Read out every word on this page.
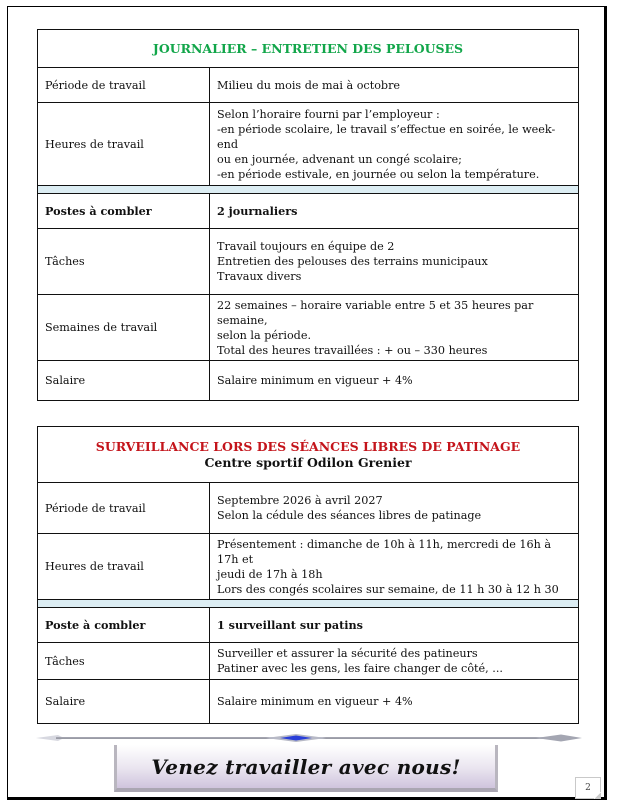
JOURNALIER – ENTRETIEN DES PELOUSES	
Période de travail	Milieu du mois de mai à octobre

Heures de travail	Selon l’horaire fourni par l’employeur :
-en période scolaire, le travail s’effectue en soirée, le week-end
ou en journée, advenant un congé scolaire;
-en période estivale, en journée ou selon la température.

Postes à combler	2 journaliers

Tâches	Travail toujours en équipe de 2
Entretien des pelouses des terrains municipaux
Travaux divers

Semaines de travail	22 semaines – horaire variable entre 5 et 35 heures par semaine,
selon la période.
Total des heures travaillées : + ou – 330 heures

Salaire	Salaire minimum en vigueur + 4%
SURVEILLANCE LORS DES SÉANCES LIBRES DE PATINAGE
Centre sportif Odilon Grenier	
Période de travail	Septembre 2026 à avril 2027
Selon la cédule des séances libres de patinage

Heures de travail	Présentement : dimanche de 10h à 11h, mercredi de 16h à 17h et
jeudi de 17h à 18h
Lors des congés scolaires sur semaine, de 11 h 30 à 12 h 30

Poste à combler	1 surveillant sur patins

Tâches	Surveiller et assurer la sécurité des patineurs
Patiner avec les gens, les faire changer de côté, ...

Salaire	Salaire minimum en vigueur + 4%
Venez travailler avec nous!
2
